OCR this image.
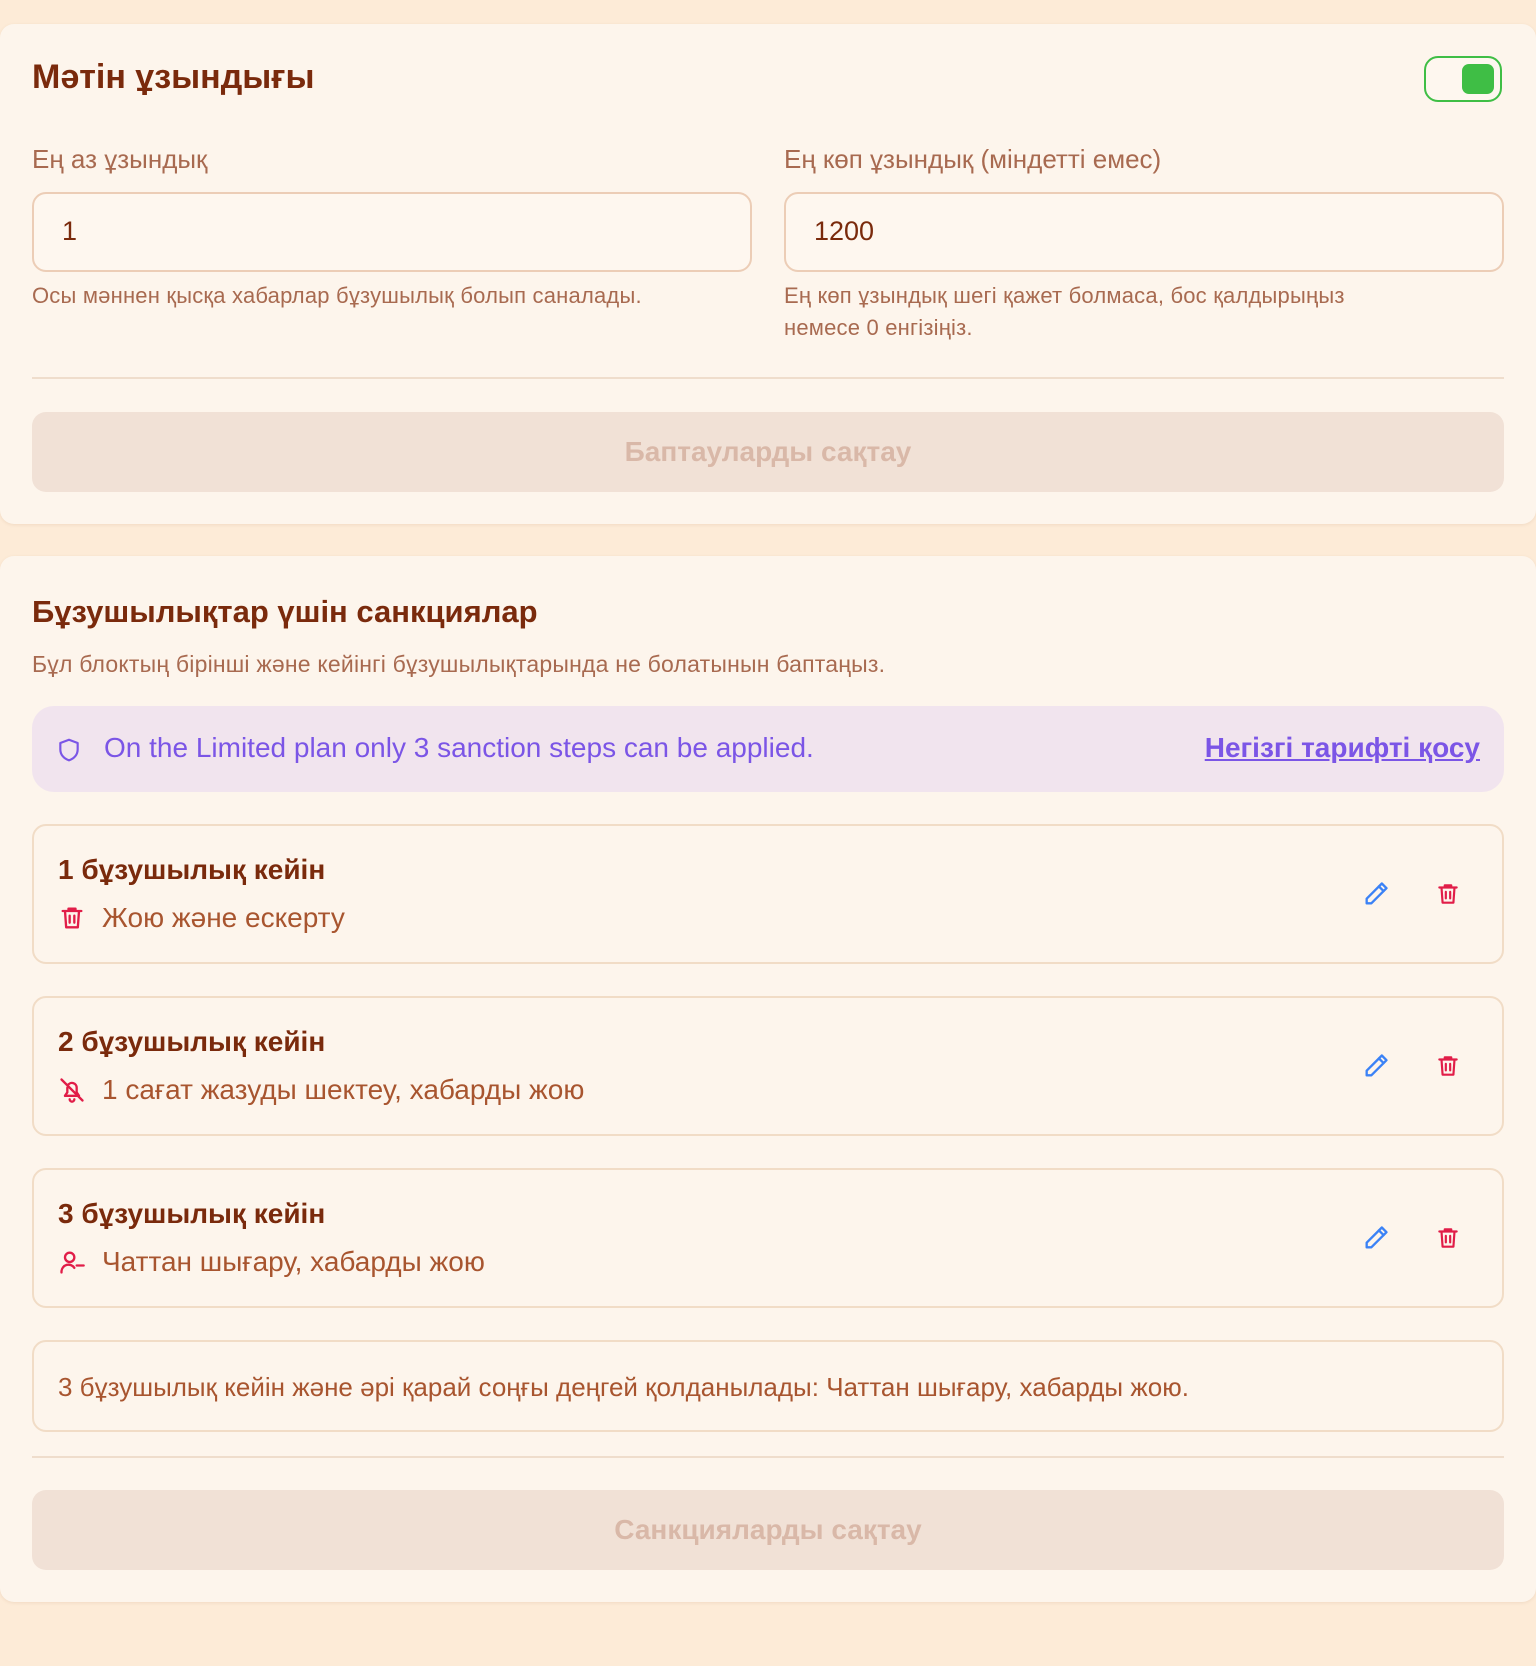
Мәтін ұзындығы
Ең аз ұзындық
1
Осы мәннен қысқа хабарлар бұзушылық болып саналады.
Ең көп ұзындық (міндетті емес)
1200
Ең көп ұзындық шегі қажет болмаса, бос қалдырыңыз
немесе 0 енгізіңіз.
Баптауларды сақтау
Бұзушылықтар үшін санкциялар
Бұл блоктың бірінші және кейінгі бұзушылықтарында не болатынын баптаңыз.
On the Limited plan only 3 sanction steps can be applied.	Негізгі тарифті қосу
1 бұзушылық кейін
Жою және ескерту
2 бұзушылық кейін
1 сағат жазуды шектеу, хабарды жою
3 бұзушылық кейін
Чаттан шығару, хабарды жою
3 бұзушылық кейін және әрі қарай соңғы деңгей қолданылады: Чаттан шығару, хабарды жою.
Санкцияларды сақтау
